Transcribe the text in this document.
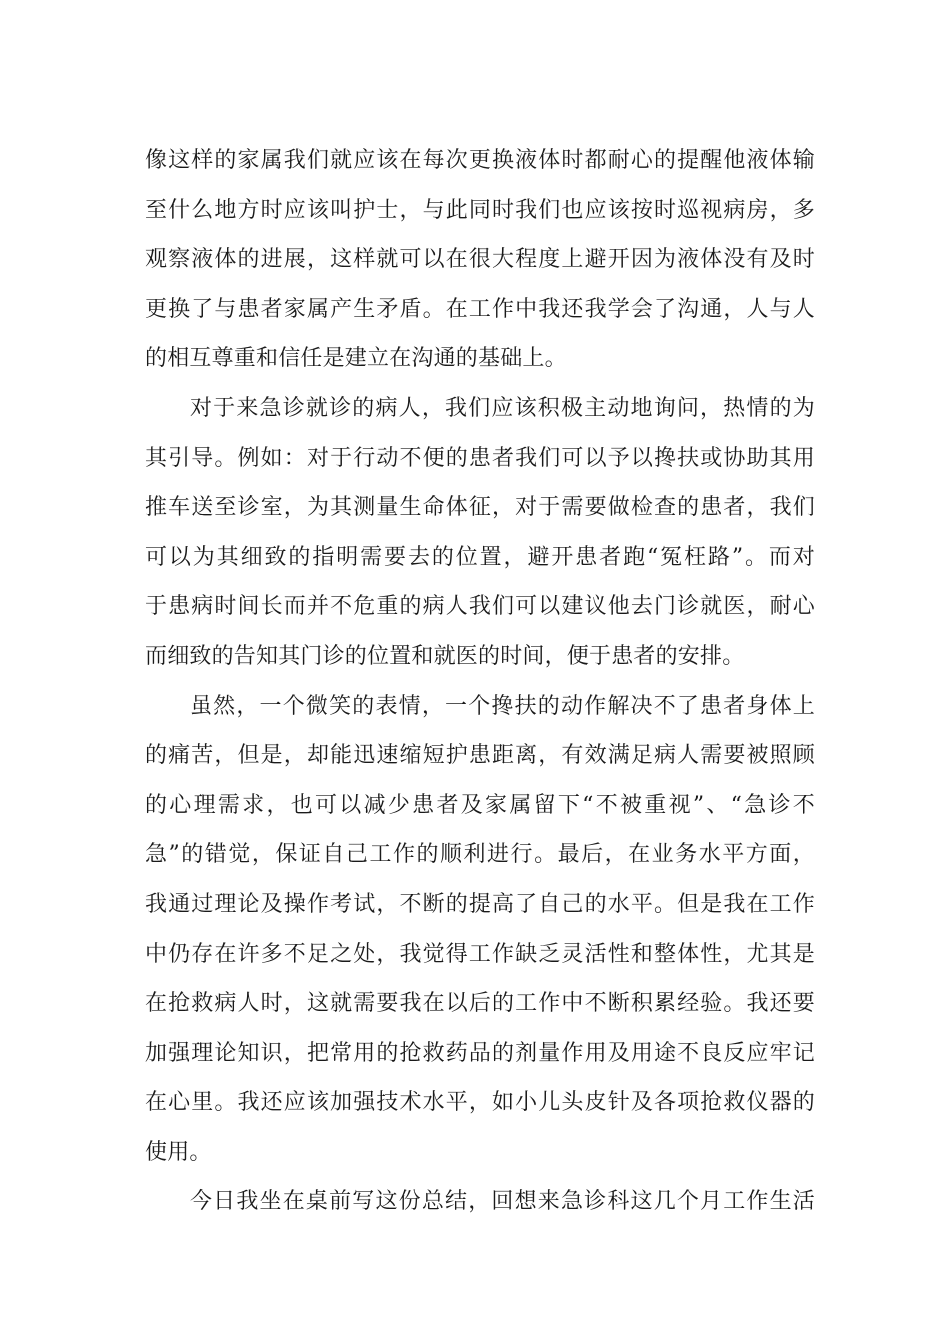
像这样的家属我们就应该在每次更换液体时都耐心的提醒他液体输
至什么地方时应该叫护士，与此同时我们也应该按时巡视病房，多
观察液体的进展，这样就可以在很大程度上避开因为液体没有及时
更换了与患者家属产生矛盾。在工作中我还我学会了沟通，人与人
的相互尊重和信任是建立在沟通的基础上。
对于来急诊就诊的病人，我们应该积极主动地询问，热情的为
其引导。例如：对于行动不便的患者我们可以予以搀扶或协助其用
推车送至诊室，为其测量生命体征，对于需要做检查的患者，我们
可以为其细致的指明需要去的位置，避开患者跑“冤枉路”。而对
于患病时间长而并不危重的病人我们可以建议他去门诊就医，耐心
而细致的告知其门诊的位置和就医的时间，便于患者的安排。
虽然，一个微笑的表情，一个搀扶的动作解决不了患者身体上
的痛苦，但是，却能迅速缩短护患距离，有效满足病人需要被照顾
的心理需求，也可以减少患者及家属留下“不被重视”、“急诊不
急”的错觉，保证自己工作的顺利进行。最后，在业务水平方面，
我通过理论及操作考试，不断的提高了自己的水平。但是我在工作
中仍存在许多不足之处，我觉得工作缺乏灵活性和整体性，尤其是
在抢救病人时，这就需要我在以后的工作中不断积累经验。我还要
加强理论知识，把常用的抢救药品的剂量作用及用途不良反应牢记
在心里。我还应该加强技术水平，如小儿头皮针及各项抢救仪器的
使用。
今日我坐在桌前写这份总结，回想来急诊科这几个月工作生活
